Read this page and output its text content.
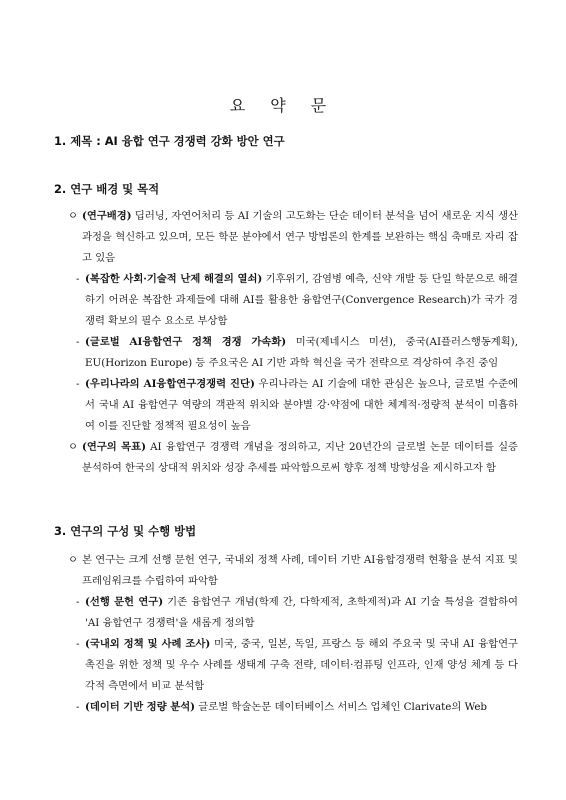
요 약 문
1. 제목 : AI 융합 연구 경쟁력 강화 방안 연구
2. 연구 배경 및 목적
ㅇ (연구배경) 딥러닝, 자연어처리 등 AI 기술의 고도화는 단순 데이터 분석을 넘어 새로운 지식 생산 과정을 혁신하고 있으며, 모든 학문 분야에서 연구 방법론의 한계를 보완하는 핵심 축매로 자리 잡고 있음
- (복잡한 사회·기술적 난제 해결의 열쇠) 기후위기, 감염병 예측, 신약 개발 등 단일 학문으로 해결하기 어려운 복잡한 과제들에 대해 AI를 활용한 융합연구(Convergence Research)가 국가 경쟁력 확보의 필수 요소로 부상함
- (글로벌 AI융합연구 정책 경쟁 가속화) 미국(제네시스 미션), 중국(AI플러스행동계획), EU(Horizon Europe) 등 주요국은 AI 기반 과학 혁신을 국가 전략으로 격상하여 추진 중임
- (우리나라의 AI융합연구경쟁력 진단) 우리나라는 AI 기술에 대한 관심은 높으나, 글로벌 수준에서 국내 AI 융합연구 역량의 객관적 위치와 분야별 강·약점에 대한 체계적·정량적 분석이 미흡하여 이를 진단할 정책적 필요성이 높음
ㅇ (연구의 목표) AI 융합연구 경쟁력 개념을 정의하고, 지난 20년간의 글로벌 논문 데이터를 실증 분석하여 한국의 상대적 위치와 성장 추세를 파악함으로써 향후 정책 방향성을 제시하고자 함
3. 연구의 구성 및 수행 방법
ㅇ 본 연구는 크게 선행 문헌 연구, 국내외 정책 사례, 데이터 기반 AI융합경쟁력 현황을 분석 지표 및 프레임워크를 수립하여 파악함
- (선행 문헌 연구) 기존 융합연구 개념(학제 간, 다학제적, 초학제적)과 AI 기술 특성을 결합하여 'AI 융합연구 경쟁력'을 새롭게 정의함
- (국내외 정책 및 사례 조사) 미국, 중국, 일본, 독일, 프랑스 등 해외 주요국 및 국내 AI 융합연구 촉진을 위한 정책 및 우수 사례를 생태계 구축 전략, 데이터·컴퓨팅 인프라, 인재 양성 체계 등 다각적 측면에서 비교 분석함
- (데이터 기반 정량 분석) 글로벌 학술논문 데이터베이스 서비스 업체인 Clarivate의 Web
